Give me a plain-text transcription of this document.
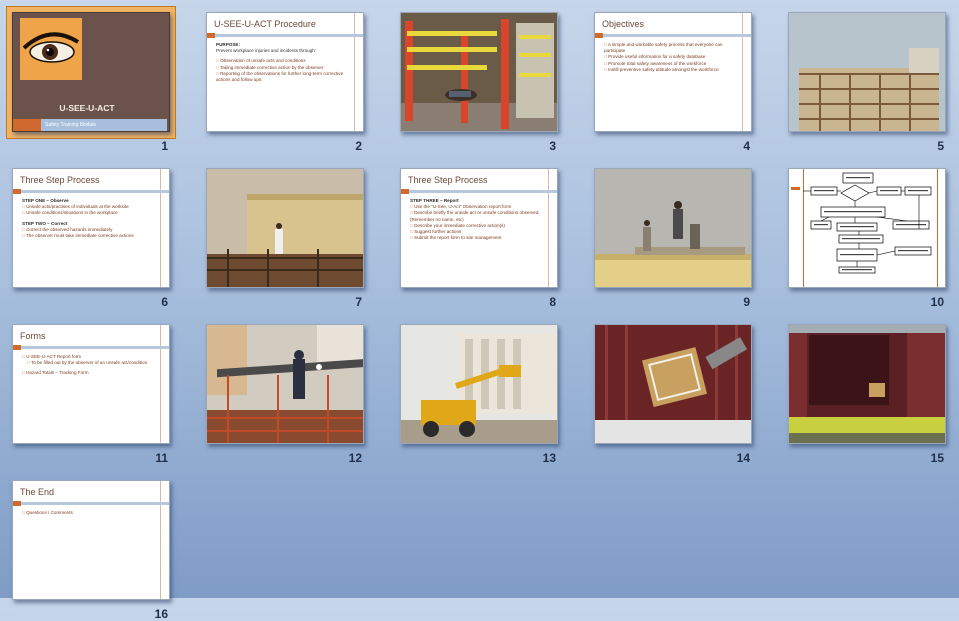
U-SEE-U-ACT
Safety Training Module
1
U-SEE-U-ACT Procedure
PURPOSE:
Prevent workplace injuries and incidents through:
□ Observation of unsafe acts and conditions
□ Taking immediate corrective action by the observer
□ Reporting of the observations for further long-term corrective actions and follow ups.
2	3
Objectives
□ A simple and workable safety process that everyone can participate
□ Provide useful information for a safety database
□ Promote total safety awareness of the workforce
□ Instill preventive safety attitude amongst the workforce
4	5
Three Step Process
STEP ONE – Observe
□ Unsafe acts/practises of individuals at the worksite
□ Unsafe conditions/situations in the workplace
STEP TWO – Correct
□ Correct the observed hazards immediately
□ The observer must take immediate corrective actions
6	7
Three Step Process
STEP THREE – Report
□ Use the "U-See, U-Act" Observation report form
□ Describe briefly the unsafe act or unsafe conditions observed. (Remember no name, etc)
□ Describe your immediate corrective action(s)
□ Suggest further actions
□ Submit the report form to site management
8	9	10
Forms
□ U-SEE-U-ACT Report form
□ To be filled out by the observer of an unsafe act/condition
□ Hazard Totals – Tracking Form
11	12	13	14	15
The End
□ Questions / Comments
16
